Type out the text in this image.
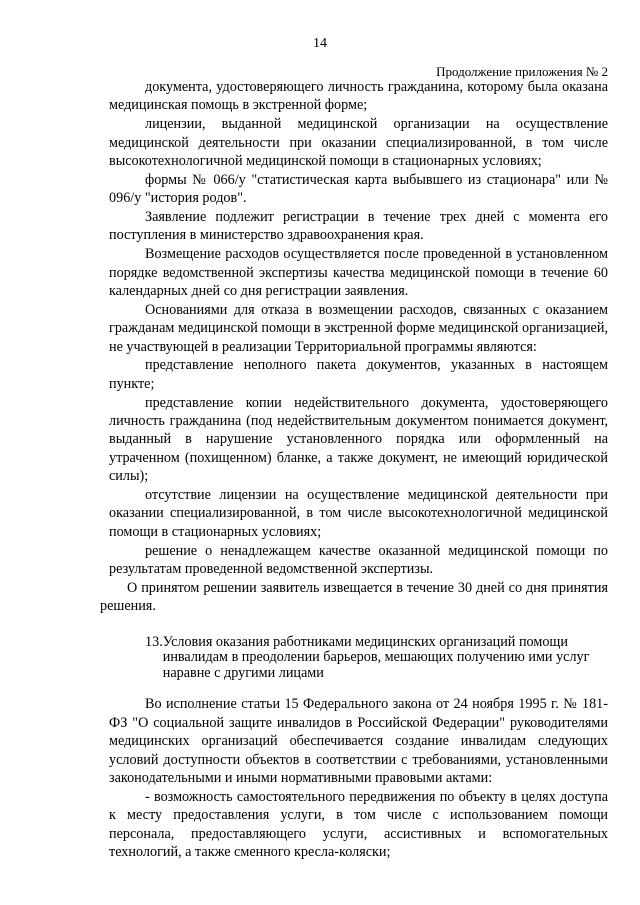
14
Продолжение приложения № 2

документа, удостоверяющего личность гражданина, которому была оказана медицинская помощь в экстренной форме;

лицензии, выданной медицинской организации на осуществление медицинской деятельности при оказании специализированной, в том числе высокотехнологичной медицинской помощи в стационарных условиях;

формы № 066/у "статистическая карта выбывшего из стационара" или № 096/у "история родов".

Заявление подлежит регистрации в течение трех дней с момента его поступления в министерство здравоохранения края.

Возмещение расходов осуществляется после проведенной в установленном порядке ведомственной экспертизы качества медицинской помощи в течение 60 календарных дней со дня регистрации заявления.

Основаниями для отказа в возмещении расходов, связанных с оказанием гражданам медицинской помощи в экстренной форме медицинской организацией, не участвующей в реализации Территориальной программы являются:

представление неполного пакета документов, указанных в настоящем пункте;

представление копии недействительного документа, удостоверяющего личность гражданина (под недействительным документом понимается документ, выданный в нарушение установленного порядка или оформленный на утраченном (похищенном) бланке, а также документ, не имеющий юридической силы);

отсутствие лицензии на осуществление медицинской деятельности при оказании специализированной, в том числе высокотехнологичной медицинской помощи в стационарных условиях;

решение о ненадлежащем качестве оказанной медицинской помощи по результатам проведенной ведомственной экспертизы.

О принятом решении заявитель извещается в течение 30 дней со дня принятия решения.

13. Условия оказания работниками медицинских организаций помощи инвалидам в преодолении барьеров, мешающих получению ими услуг наравне с другими лицами

Во исполнение статьи 15 Федерального закона от 24 ноября 1995 г. № 181-ФЗ "О социальной защите инвалидов в Российской Федерации" руководителями медицинских организаций обеспечивается создание инвалидам следующих условий доступности объектов в соответствии с требованиями, установленными законодательными и иными нормативными правовыми актами:

- возможность самостоятельного передвижения по объекту в целях доступа к месту предоставления услуги, в том числе с использованием помощи персонала, предоставляющего услуги, ассистивных и вспомогательных технологий, а также сменного кресла-коляски;
